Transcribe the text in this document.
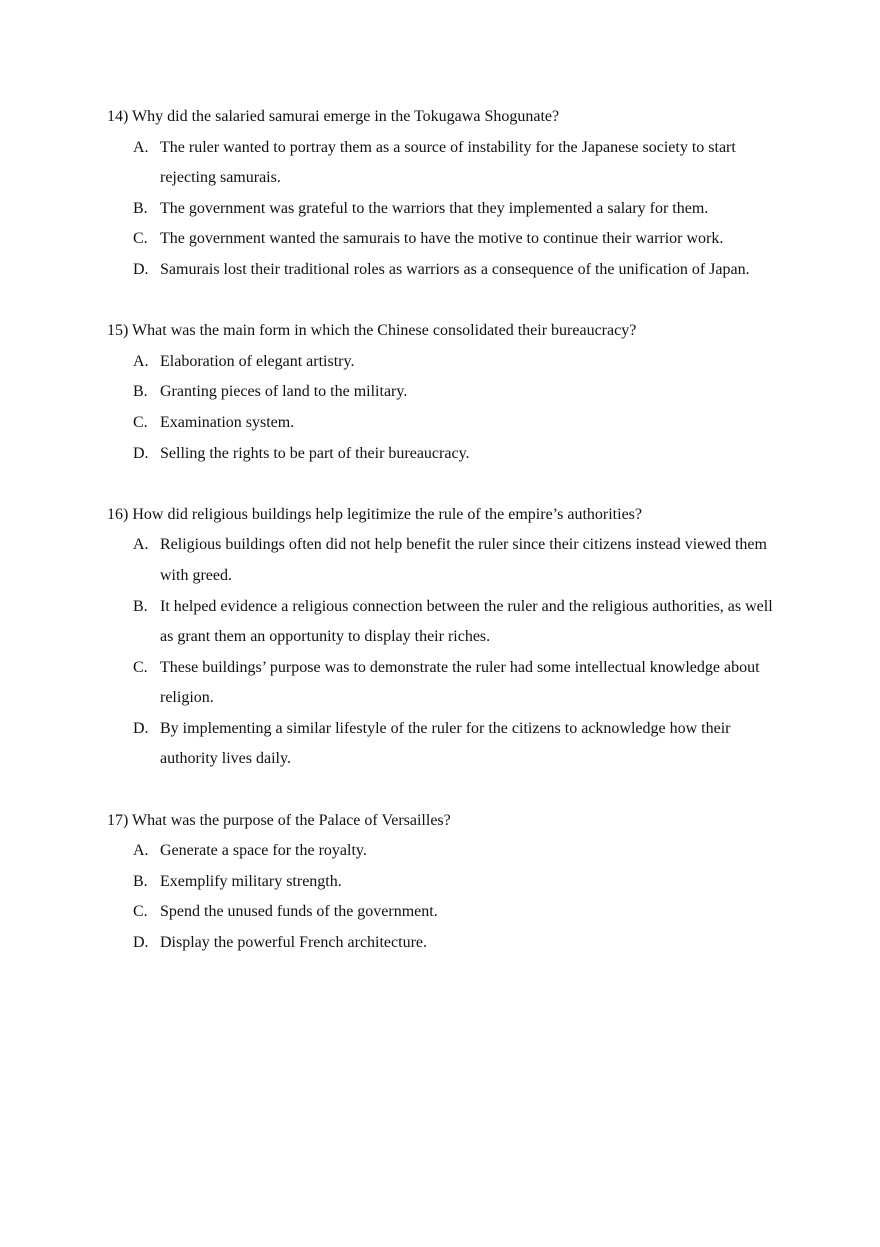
14) Why did the salaried samurai emerge in the Tokugawa Shogunate?
A. The ruler wanted to portray them as a source of instability for the Japanese society to start rejecting samurais.
B. The government was grateful to the warriors that they implemented a salary for them.
C. The government wanted the samurais to have the motive to continue their warrior work.
D. Samurais lost their traditional roles as warriors as a consequence of the unification of Japan.
15) What was the main form in which the Chinese consolidated their bureaucracy?
A. Elaboration of elegant artistry.
B. Granting pieces of land to the military.
C. Examination system.
D. Selling the rights to be part of their bureaucracy.
16) How did religious buildings help legitimize the rule of the empire’s authorities?
A. Religious buildings often did not help benefit the ruler since their citizens instead viewed them with greed.
B. It helped evidence a religious connection between the ruler and the religious authorities, as well as grant them an opportunity to display their riches.
C. These buildings’ purpose was to demonstrate the ruler had some intellectual knowledge about religion.
D. By implementing a similar lifestyle of the ruler for the citizens to acknowledge how their authority lives daily.
17) What was the purpose of the Palace of Versailles?
A. Generate a space for the royalty.
B. Exemplify military strength.
C. Spend the unused funds of the government.
D. Display the powerful French architecture.
